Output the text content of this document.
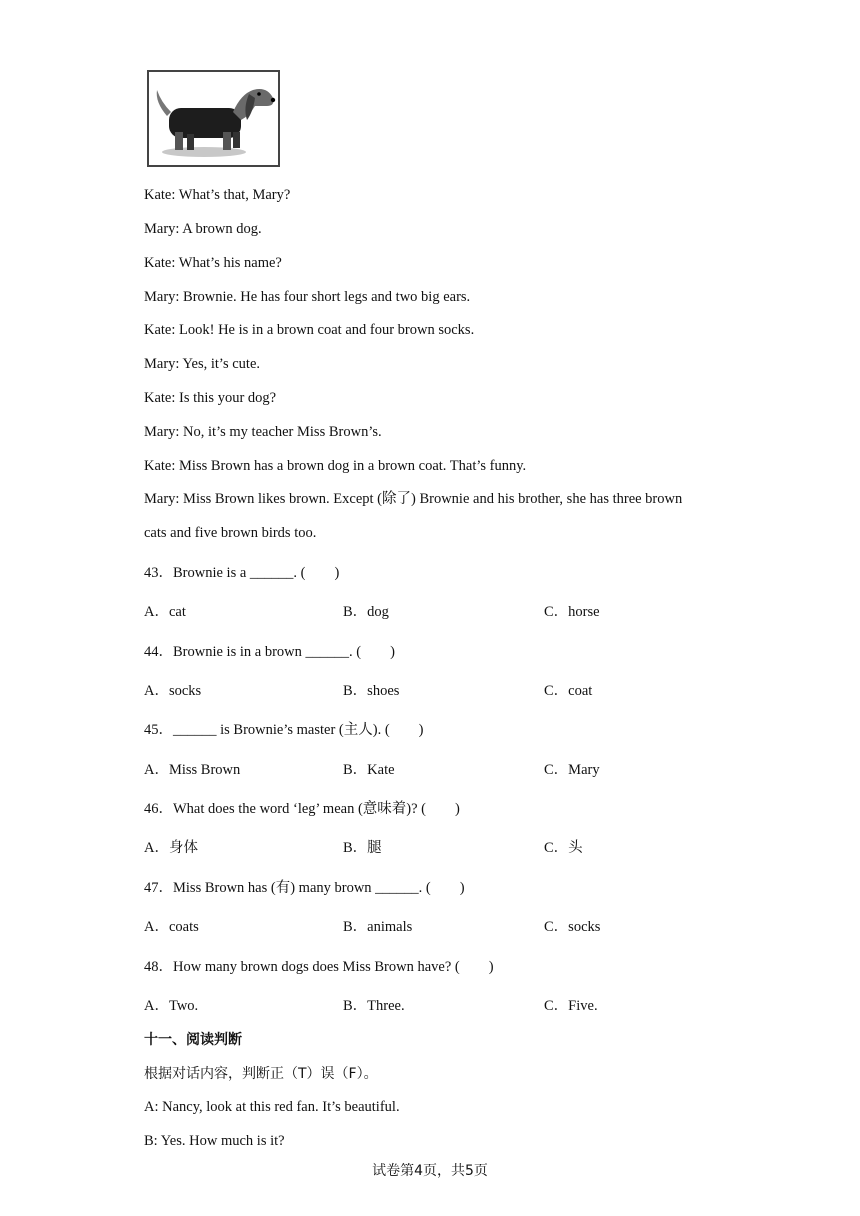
Kate: What’s that, Mary?
Mary: A brown dog.
Kate: What’s his name?
Mary: Brownie. He has four short legs and two big ears.
Kate: Look! He is in a brown coat and four brown socks.
Mary: Yes, it’s cute.
Kate: Is this your dog?
Mary: No, it’s my teacher Miss Brown’s.
Kate: Miss Brown has a brown dog in a brown coat. That’s funny.
Mary: Miss Brown likes brown. Except (除了) Brownie and his brother, she has three brown
cats and five brown birds too.
43．Brownie is a ______. (        )
A．cat	B．dog	C．horse
44．Brownie is in a brown ______. (        )
A．socks	B．shoes	C．coat
45．______ is Brownie’s master (主人). (        )
A．Miss Brown	B．Kate	C．Mary
46．What does the word ‘leg’ mean (意味着)? (        )
A．身体	B．腿	C．头
47．Miss Brown has (有) many brown ______. (        )
A．coats	B．animals	C．socks
48．How many brown dogs does Miss Brown have? (        )
A．Two.	B．Three.	C．Five.
十一、阅读判断
根据对话内容，判断正（T）误（F）。
A: Nancy, look at this red fan. It’s beautiful.
B: Yes. How much is it?
试卷第4页，共5页
